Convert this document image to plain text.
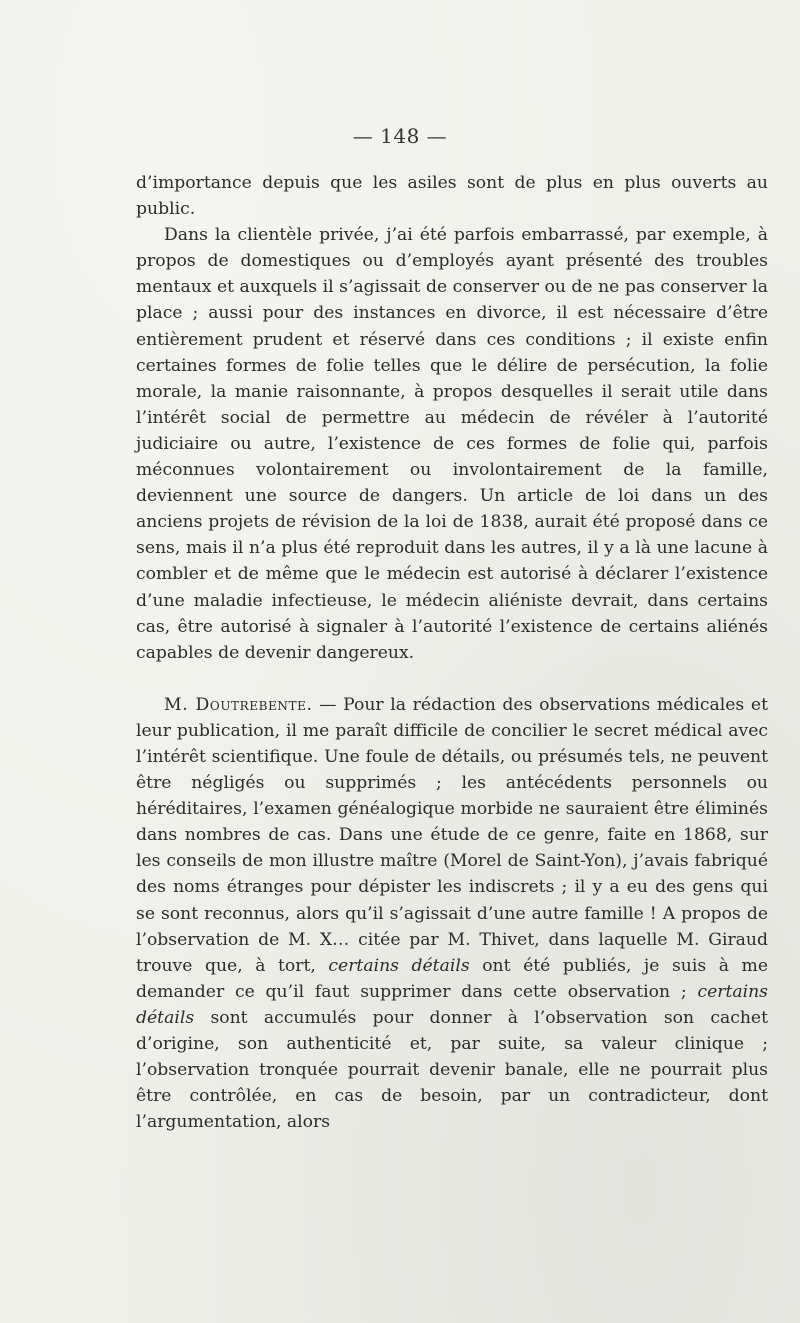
— 148 —

d’importance depuis que les asiles sont de plus en plus ouverts au public.

Dans la clientèle privée, j’ai été parfois embarrassé, par exemple, à propos de domestiques ou d’employés ayant présenté des troubles mentaux et auxquels il s’agissait de conserver ou de ne pas conserver la place ; aussi pour des instances en divorce, il est nécessaire d’être entièrement prudent et réservé dans ces conditions ; il existe enfin certaines formes de folie telles que le délire de persécution, la folie morale, la manie raisonnante, à propos desquelles il serait utile dans l’intérêt social de permettre au médecin de révéler à l’autorité judiciaire ou autre, l’existence de ces formes de folie qui, parfois méconnues volontairement ou involontairement de la famille, deviennent une source de dangers. Un article de loi dans un des anciens projets de révision de la loi de 1838, aurait été proposé dans ce sens, mais il n’a plus été reproduit dans les autres, il y a là une lacune à combler et de même que le médecin est autorisé à déclarer l’existence d’une maladie infectieuse, le médecin aliéniste devrait, dans certains cas, être autorisé à signaler à l’autorité l’existence de certains aliénés capables de devenir dangereux.

M. Doutrebente. — Pour la rédaction des observations médicales et leur publication, il me paraît difficile de concilier le secret médical avec l’intérêt scientifique. Une foule de détails, ou présumés tels, ne peuvent être négligés ou supprimés ; les antécédents personnels ou héréditaires, l’examen généalogique morbide ne sauraient être éliminés dans nombres de cas. Dans une étude de ce genre, faite en 1868, sur les conseils de mon illustre maître (Morel de Saint-Yon), j’avais fabriqué des noms étranges pour dépister les indiscrets ; il y a eu des gens qui se sont reconnus, alors qu’il s’agissait d’une autre famille ! A propos de l’observation de M. X… citée par M. Thivet, dans laquelle M. Giraud trouve que, à tort, certains détails ont été publiés, je suis à me demander ce qu’il faut supprimer dans cette observation ; certains détails sont accumulés pour donner à l’observation son cachet d’origine, son authenticité et, par suite, sa valeur clinique ; l’observation tronquée pourrait devenir banale, elle ne pourrait plus être contrôlée, en cas de besoin, par un contradicteur, dont l’argumentation, alors
